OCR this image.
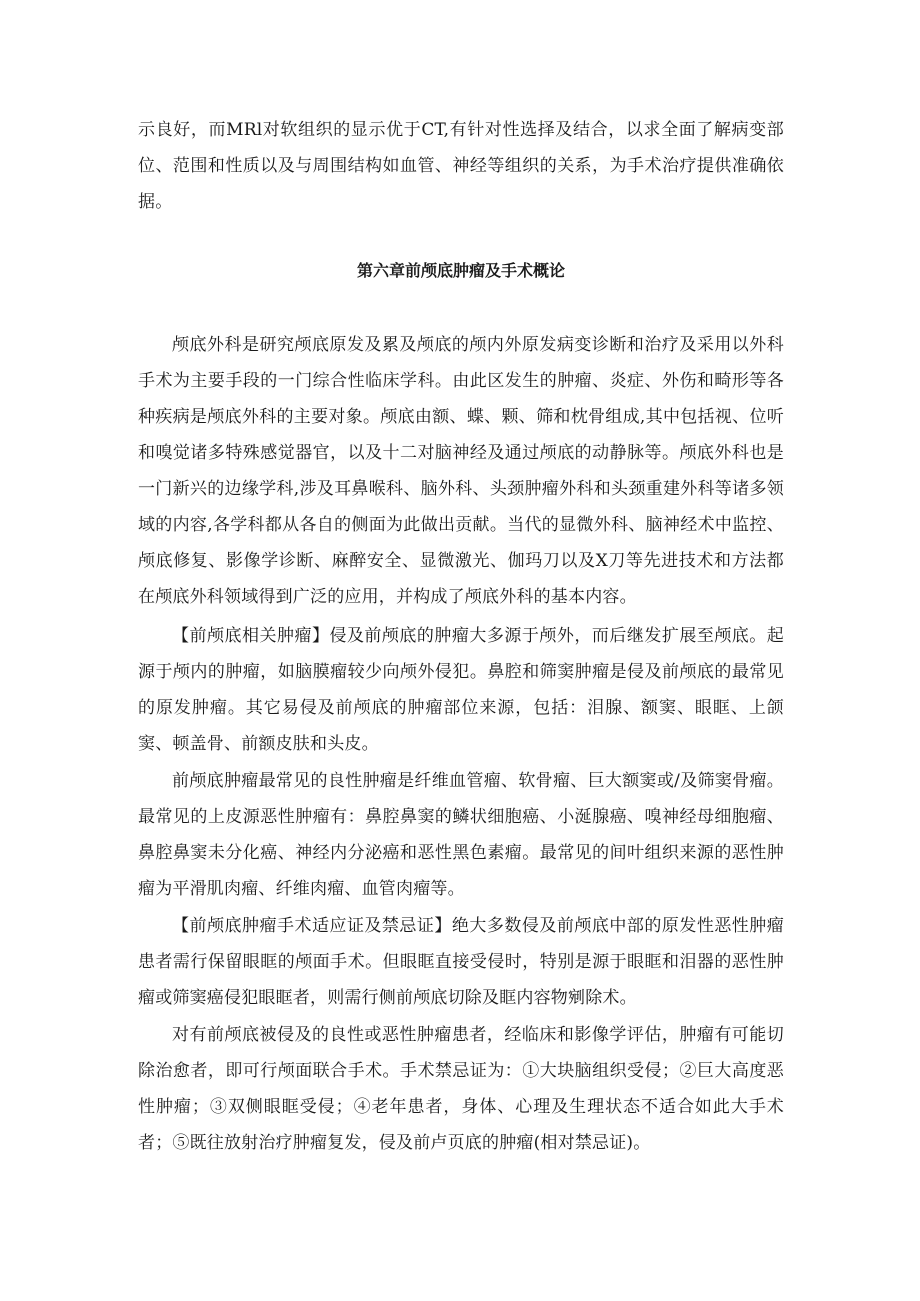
示良好，而MRl对软组织的显示优于CT,有针对性选择及结合，以求全面了解病变部位、范围和性质以及与周围结构如血管、神经等组织的关系，为手术治疗提供准确依据。

第六章前颅底肿瘤及手术概论

颅底外科是研究颅底原发及累及颅底的颅内外原发病变诊断和治疗及采用以外科手术为主要手段的一门综合性临床学科。由此区发生的肿瘤、炎症、外伤和畸形等各种疾病是颅底外科的主要对象。颅底由额、蝶、颗、筛和枕骨组成,其中包括视、位听和嗅觉诸多特殊感觉器官，以及十二对脑神经及通过颅底的动静脉等。颅底外科也是一门新兴的边缘学科,涉及耳鼻喉科、脑外科、头颈肿瘤外科和头颈重建外科等诸多领域的内容,各学科都从各自的侧面为此做出贡献。当代的显微外科、脑神经术中监控、颅底修复、影像学诊断、麻醉安全、显微激光、伽玛刀以及X刀等先进技术和方法都在颅底外科领域得到广泛的应用，并构成了颅底外科的基本内容。

【前颅底相关肿瘤】侵及前颅底的肿瘤大多源于颅外，而后继发扩展至颅底。起源于颅内的肿瘤，如脑膜瘤较少向颅外侵犯。鼻腔和筛窦肿瘤是侵及前颅底的最常见的原发肿瘤。其它易侵及前颅底的肿瘤部位来源，包括：泪腺、额窦、眼眶、上颌窦、顿盖骨、前额皮肤和头皮。

前颅底肿瘤最常见的良性肿瘤是纤维血管瘤、软骨瘤、巨大额窦或/及筛窦骨瘤。最常见的上皮源恶性肿瘤有：鼻腔鼻窦的鳞状细胞癌、小涎腺癌、嗅神经母细胞瘤、鼻腔鼻窦未分化癌、神经内分泌癌和恶性黑色素瘤。最常见的间叶组织来源的恶性肿瘤为平滑肌肉瘤、纤维肉瘤、血管肉瘤等。

【前颅底肿瘤手术适应证及禁忌证】绝大多数侵及前颅底中部的原发性恶性肿瘤患者需行保留眼眶的颅面手术。但眼眶直接受侵时，特别是源于眼眶和泪器的恶性肿瘤或筛窦癌侵犯眼眶者，则需行侧前颅底切除及眶内容物剜除术。

对有前颅底被侵及的良性或恶性肿瘤患者，经临床和影像学评估，肿瘤有可能切除治愈者，即可行颅面联合手术。手术禁忌证为：①大块脑组织受侵；②巨大高度恶性肿瘤；③双侧眼眶受侵；④老年患者，身体、心理及生理状态不适合如此大手术者；⑤既往放射治疗肿瘤复发，侵及前卢页底的肿瘤(相对禁忌证)。
